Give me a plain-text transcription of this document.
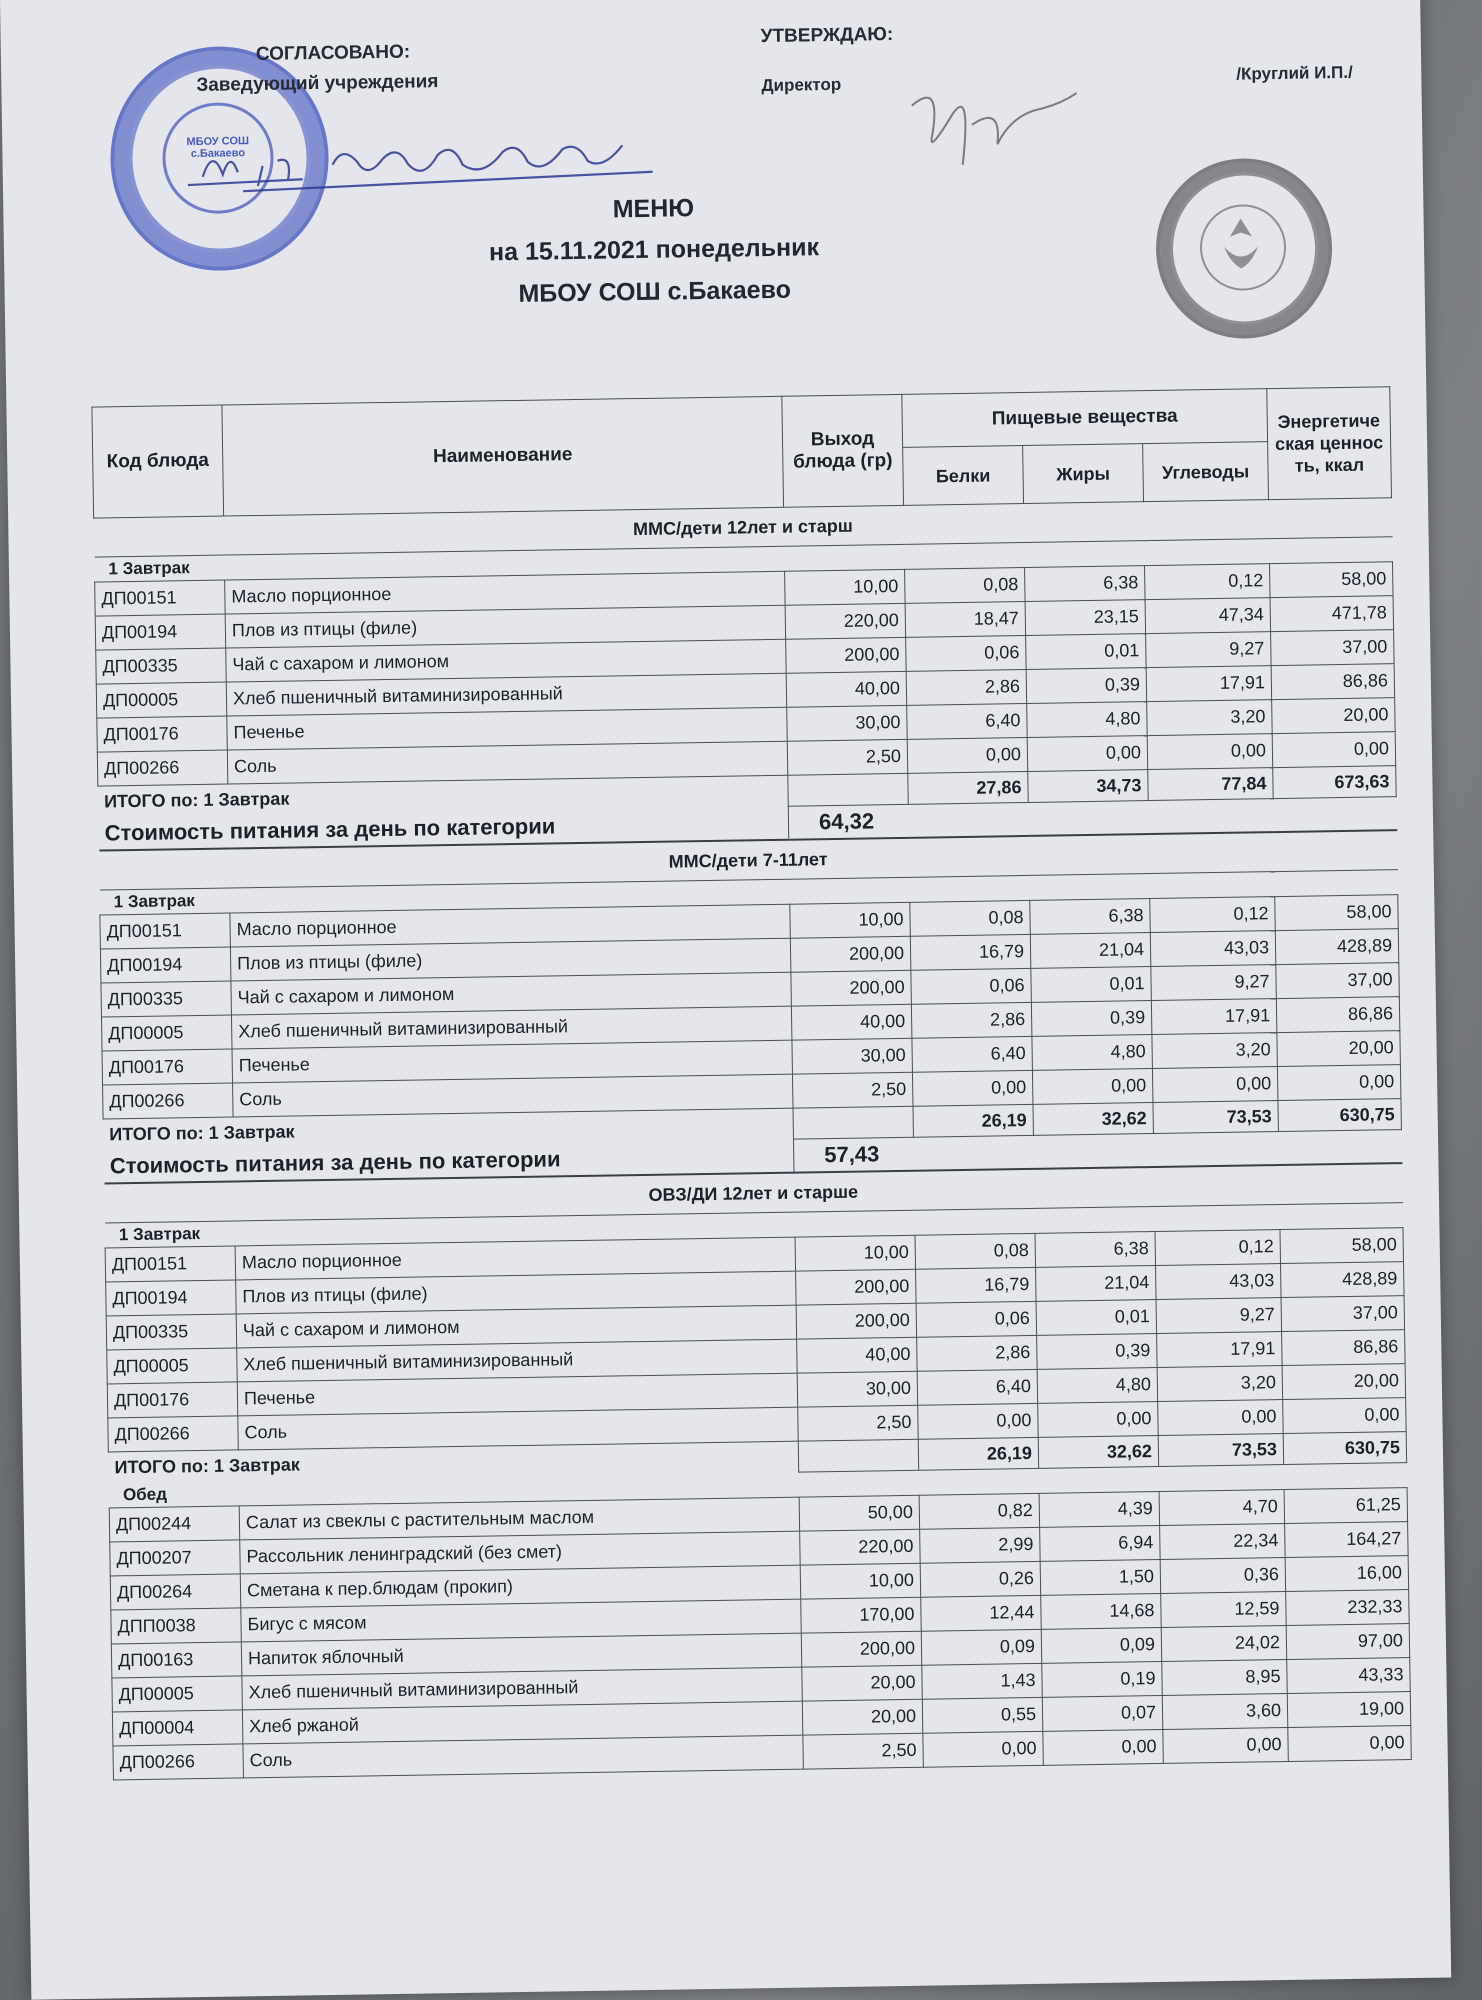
МБОУ СОШ с.Бакаево
СОГЛАСОВАНО:
Заведующий учреждения
УТВЕРЖДАЮ:
Директор
/Круглий И.П./
МЕНЮ
на 15.11.2021 понедельник
МБОУ СОШ с.Бакаево
Код блюда	Наименование	Выход блюда (гр)	Пищевые вещества			Энергетическая ценность, ккал
			Белки	Жиры	Углеводы	
ММС/дети 12лет и старш						
1 Завтрак						
ДП00151	Масло порционное	10,00	0,08	6,38	0,12	58,00
ДП00194	Плов из птицы (филе)	220,00	18,47	23,15	47,34	471,78
ДП00335	Чай с сахаром и лимоном	200,00	0,06	0,01	9,27	37,00
ДП00005	Хлеб пшеничный витаминизированный	40,00	2,86	0,39	17,91	86,86
ДП00176	Печенье	30,00	6,40	4,80	3,20	20,00
ДП00266	Соль	2,50	0,00	0,00	0,00	0,00
ИТОГО по: 1 Завтрак			27,86	34,73	77,84	673,63
Стоимость питания за день по категории		64,32				
ММС/дети 7-11лет						
1 Завтрак						
ДП00151	Масло порционное	10,00	0,08	6,38	0,12	58,00
ДП00194	Плов из птицы (филе)	200,00	16,79	21,04	43,03	428,89
ДП00335	Чай с сахаром и лимоном	200,00	0,06	0,01	9,27	37,00
ДП00005	Хлеб пшеничный витаминизированный	40,00	2,86	0,39	17,91	86,86
ДП00176	Печенье	30,00	6,40	4,80	3,20	20,00
ДП00266	Соль	2,50	0,00	0,00	0,00	0,00
ИТОГО по: 1 Завтрак			26,19	32,62	73,53	630,75
Стоимость питания за день по категории		57,43				
ОВЗ/ДИ 12лет и старше						
1 Завтрак						
ДП00151	Масло порционное	10,00	0,08	6,38	0,12	58,00
ДП00194	Плов из птицы (филе)	200,00	16,79	21,04	43,03	428,89
ДП00335	Чай с сахаром и лимоном	200,00	0,06	0,01	9,27	37,00
ДП00005	Хлеб пшеничный витаминизированный	40,00	2,86	0,39	17,91	86,86
ДП00176	Печенье	30,00	6,40	4,80	3,20	20,00
ДП00266	Соль	2,50	0,00	0,00	0,00	0,00
ИТОГО по: 1 Завтрак			26,19	32,62	73,53	630,75
Обед						
ДП00244	Салат из свеклы с растительным маслом	50,00	0,82	4,39	4,70	61,25
ДП00207	Рассольник ленинградский (без смет)	220,00	2,99	6,94	22,34	164,27
ДП00264	Сметана к пер.блюдам (прокип)	10,00	0,26	1,50	0,36	16,00
ДПП0038	Бигус с мясом	170,00	12,44	14,68	12,59	232,33
ДП00163	Напиток яблочный	200,00	0,09	0,09	24,02	97,00
ДП00005	Хлеб пшеничный витаминизированный	20,00	1,43	0,19	8,95	43,33
ДП00004	Хлеб ржаной	20,00	0,55	0,07	3,60	19,00
ДП00266	Соль	2,50	0,00	0,00	0,00	0,00
